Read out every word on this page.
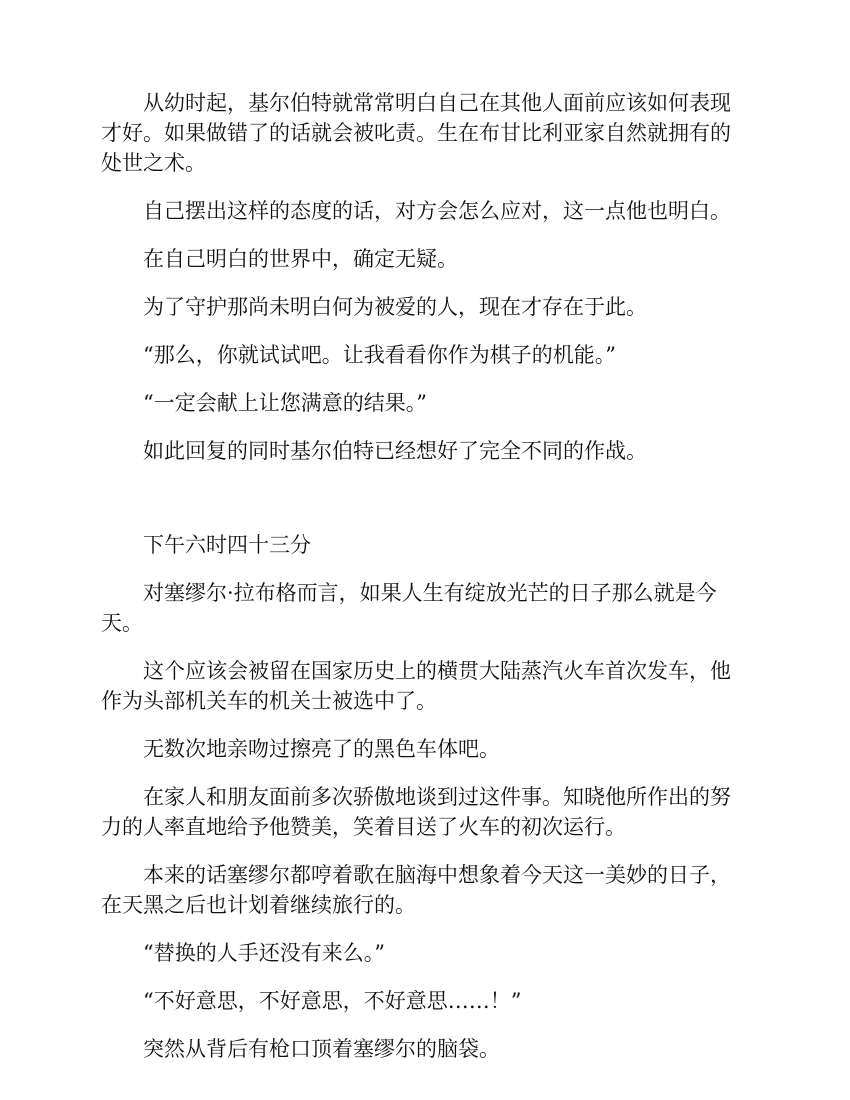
从幼时起，基尔伯特就常常明白自己在其他人面前应该如何表现才好。如果做错了的话就会被叱责。生在布甘比利亚家自然就拥有的处世之术。

自己摆出这样的态度的话，对方会怎么应对，这一点他也明白。

在自己明白的世界中，确定无疑。

为了守护那尚未明白何为被爱的人，现在才存在于此。

“那么，你就试试吧。让我看看你作为棋子的机能。”

“一定会献上让您满意的结果。”

如此回复的同时基尔伯特已经想好了完全不同的作战。

下午六时四十三分

对塞缪尔·拉布格而言，如果人生有绽放光芒的日子那么就是今天。

这个应该会被留在国家历史上的横贯大陆蒸汽火车首次发车，他作为头部机关车的机关士被选中了。

无数次地亲吻过擦亮了的黑色车体吧。

在家人和朋友面前多次骄傲地谈到过这件事。知晓他所作出的努力的人率直地给予他赞美，笑着目送了火车的初次运行。

本来的话塞缪尔都哼着歌在脑海中想象着今天这一美妙的日子，在天黑之后也计划着继续旅行的。

“替换的人手还没有来么。”

“不好意思，不好意思，不好意思……！”

突然从背后有枪口顶着塞缪尔的脑袋。
